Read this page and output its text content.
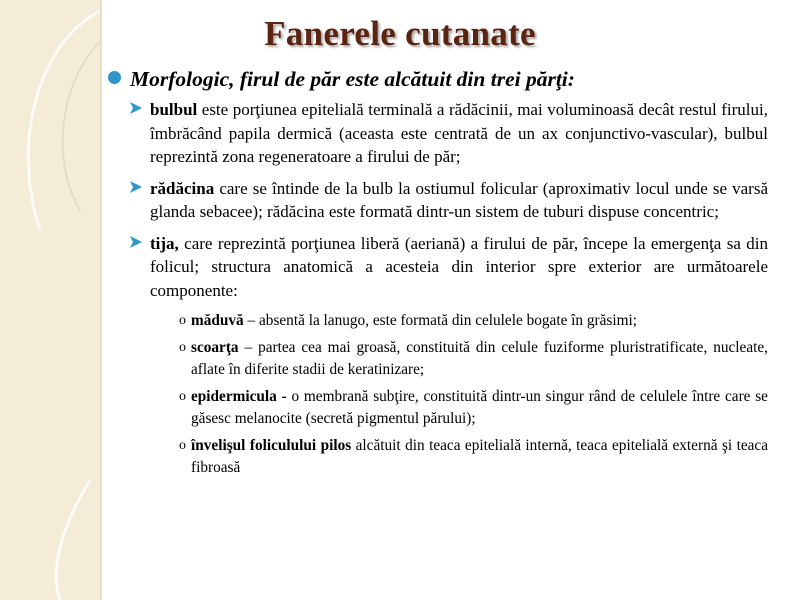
Fanerele cutanate
Morfologic, firul de păr este alcătuit din trei părţi:
bulbul este porţiunea epitelială terminală a rădăcinii, mai voluminoasă decât restul firului, îmbrăcând papila dermică (aceasta este centrată de un ax conjunctivo-vascular), bulbul reprezintă zona regeneratoare a firului de păr;
rădăcina care se întinde de la bulb la ostiumul folicular (aproximativ locul unde se varsă glanda sebacee); rădăcina este formată dintr-un sistem de tuburi dispuse concentric;
tija, care reprezintă porţiunea liberă (aeriană) a firului de păr, începe la emergenţa sa din folicul; structura anatomică a acesteia din interior spre exterior are următoarele componente:
o măduvă – absentă la lanugo, este formată din celulele bogate în grăsimi;
o scoarţa – partea cea mai groasă, constituită din celule fuziforme pluristratificate, nucleate, aflate în diferite stadii de keratinizare;
o epidermicula - o membrană subţire, constituită dintr-un singur rând de celulele între care se găsesc melanocite (secretă pigmentul părului);
o învelişul foliculului pilos alcătuit din teaca epitelială internă, teaca epitelială externă şi teaca fibroasă
